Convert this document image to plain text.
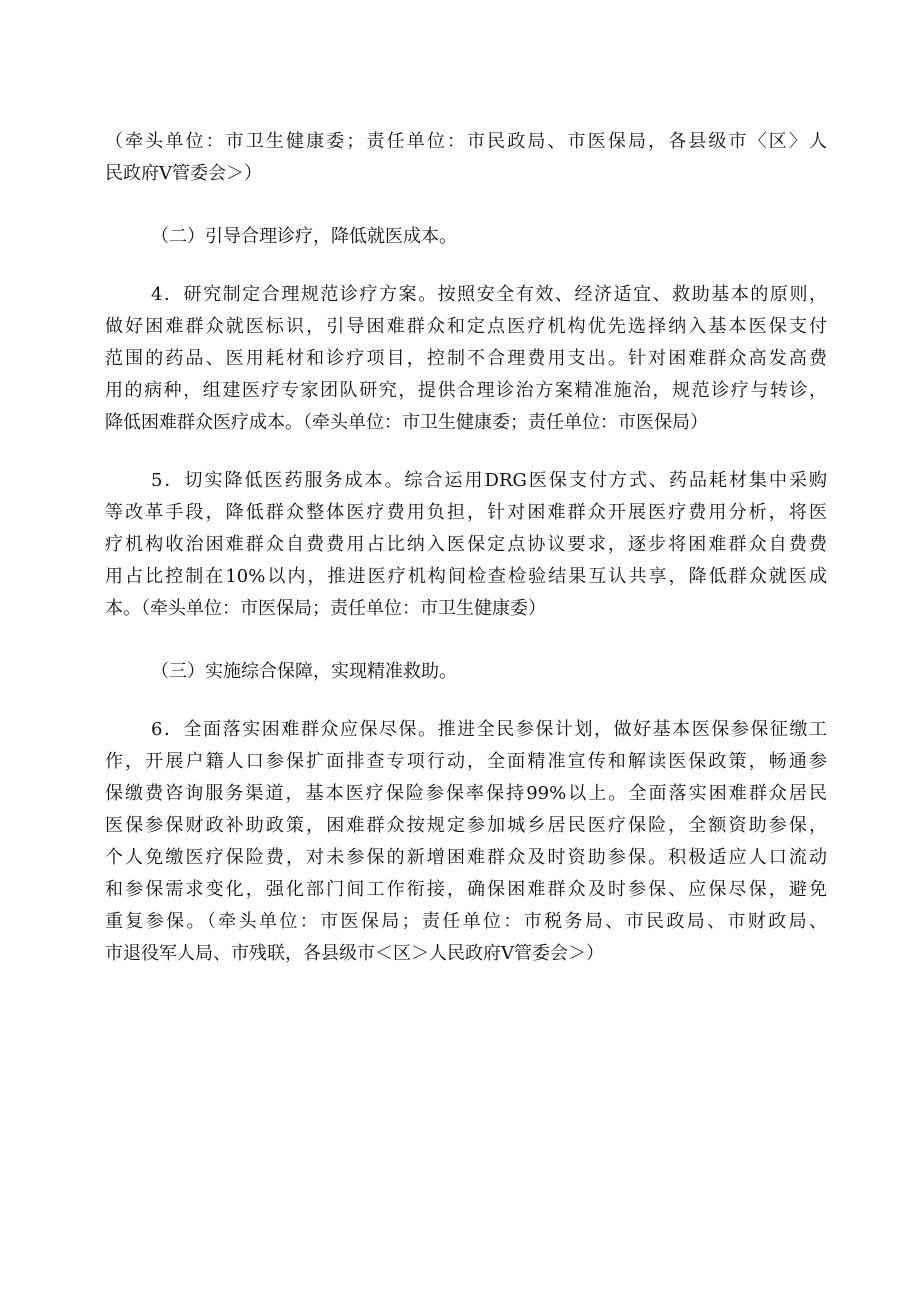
（牵头单位：市卫生健康委；责任单位：市民政局、市医保局，各县级市〈区〉人
民政府Ⅴ管委会＞）
（二）引导合理诊疗，降低就医成本。
4．研究制定合理规范诊疗方案。按照安全有效、经济适宜、救助基本的原则，
做好困难群众就医标识，引导困难群众和定点医疗机构优先选择纳入基本医保支付
范围的药品、医用耗材和诊疗项目，控制不合理费用支出。针对困难群众高发高费
用的病种，组建医疗专家团队研究，提供合理诊治方案精准施治，规范诊疗与转诊，
降低困难群众医疗成本。（牵头单位：市卫生健康委；责任单位：市医保局）
5．切实降低医药服务成本。综合运用DRG医保支付方式、药品耗材集中采购
等改革手段，降低群众整体医疗费用负担，针对困难群众开展医疗费用分析，将医
疗机构收治困难群众自费费用占比纳入医保定点协议要求，逐步将困难群众自费费
用占比控制在10%以内，推进医疗机构间检查检验结果互认共享，降低群众就医成
本。（牵头单位：市医保局；责任单位：市卫生健康委）
（三）实施综合保障，实现精准救助。
6．全面落实困难群众应保尽保。推进全民参保计划，做好基本医保参保征缴工
作，开展户籍人口参保扩面排查专项行动，全面精准宣传和解读医保政策，畅通参
保缴费咨询服务渠道，基本医疗保险参保率保持99%以上。全面落实困难群众居民
医保参保财政补助政策，困难群众按规定参加城乡居民医疗保险，全额资助参保，
个人免缴医疗保险费，对未参保的新增困难群众及时资助参保。积极适应人口流动
和参保需求变化，强化部门间工作衔接，确保困难群众及时参保、应保尽保，避免
重复参保。（牵头单位：市医保局；责任单位：市税务局、市民政局、市财政局、
市退役军人局、市残联，各县级市＜区＞人民政府Ⅴ管委会＞）
